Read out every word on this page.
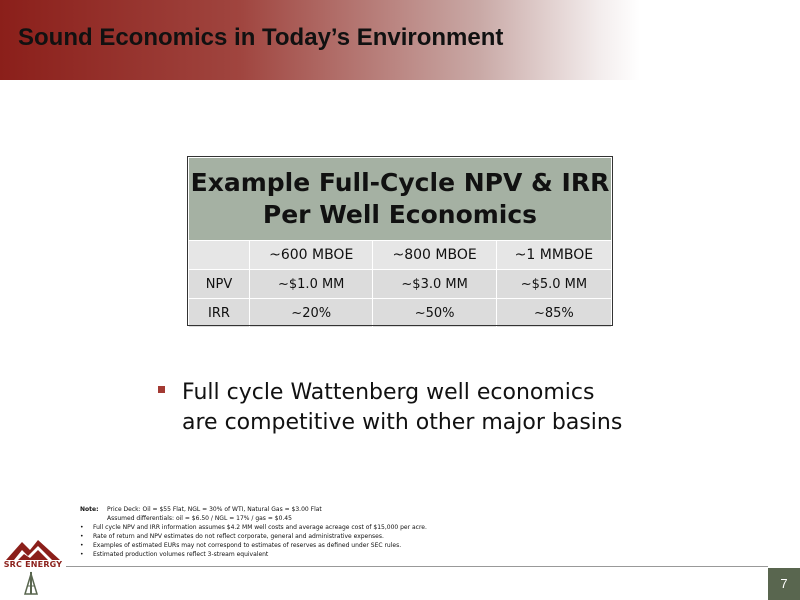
Sound Economics in Today’s Environment
Example Full-Cycle NPV & IRR
Per Well Economics			
	~600 MBOE	~800 MBOE	~1 MMBOE
NPV	~$1.0 MM	~$3.0 MM	~$5.0 MM
IRR	~20%	~50%	~85%
Full cycle Wattenberg well economics
are competitive with other major basins
Note:	Price Deck: Oil = $55 Flat, NGL = 30% of WTI, Natural Gas = $3.00 Flat
Assumed differentials: oil = $6.50 / NGL = 17% / gas = $0.45
•	Full cycle NPV and IRR information assumes $4.2 MM well costs and average acreage cost of $15,000 per acre.
•	Rate of return and NPV estimates do not reflect corporate, general and administrative expenses.
•	Examples of estimated EURs may not correspond to estimates of reserves as defined under SEC rules.
•	Estimated production volumes reflect 3-stream equivalent
SRC ENERGY
7
